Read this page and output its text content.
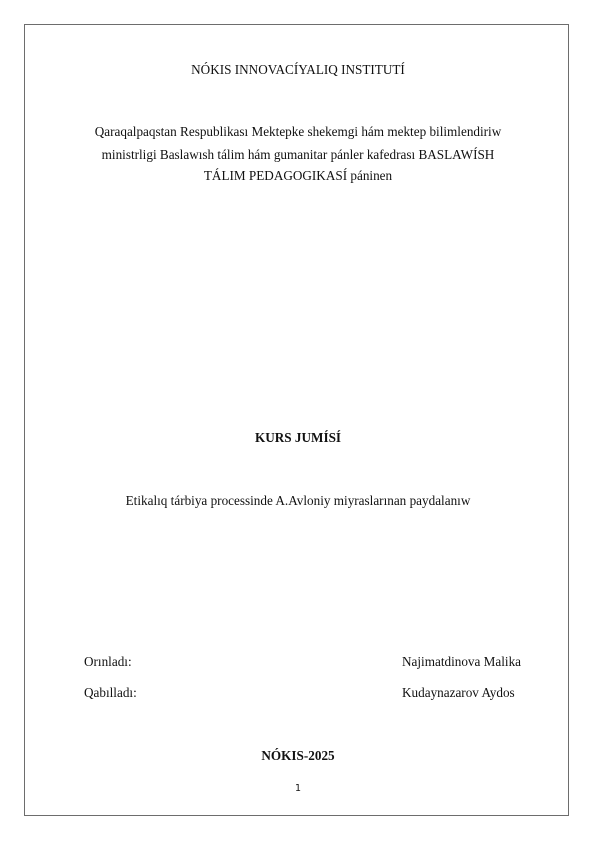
NÓKIS INNOVACÍYALIQ INSTITUTÍ
Qaraqalpaqstan Respublikası Mektepke shekemgi hám mektep bilimlendiriw
ministrligi Baslawısh tálim hám gumanitar pánler kafedrası BASLAWÍSH
TÁLIM PEDAGOGIKASÍ páninen
KURS JUMÍSÍ
Etikalıq tárbiya processinde A.Avloniy miyraslarınan paydalanıw
Orınladı:	Najimatdinova Malika
Qabılladı:	Kudaynazarov Aydos
NÓKIS-2025
1
